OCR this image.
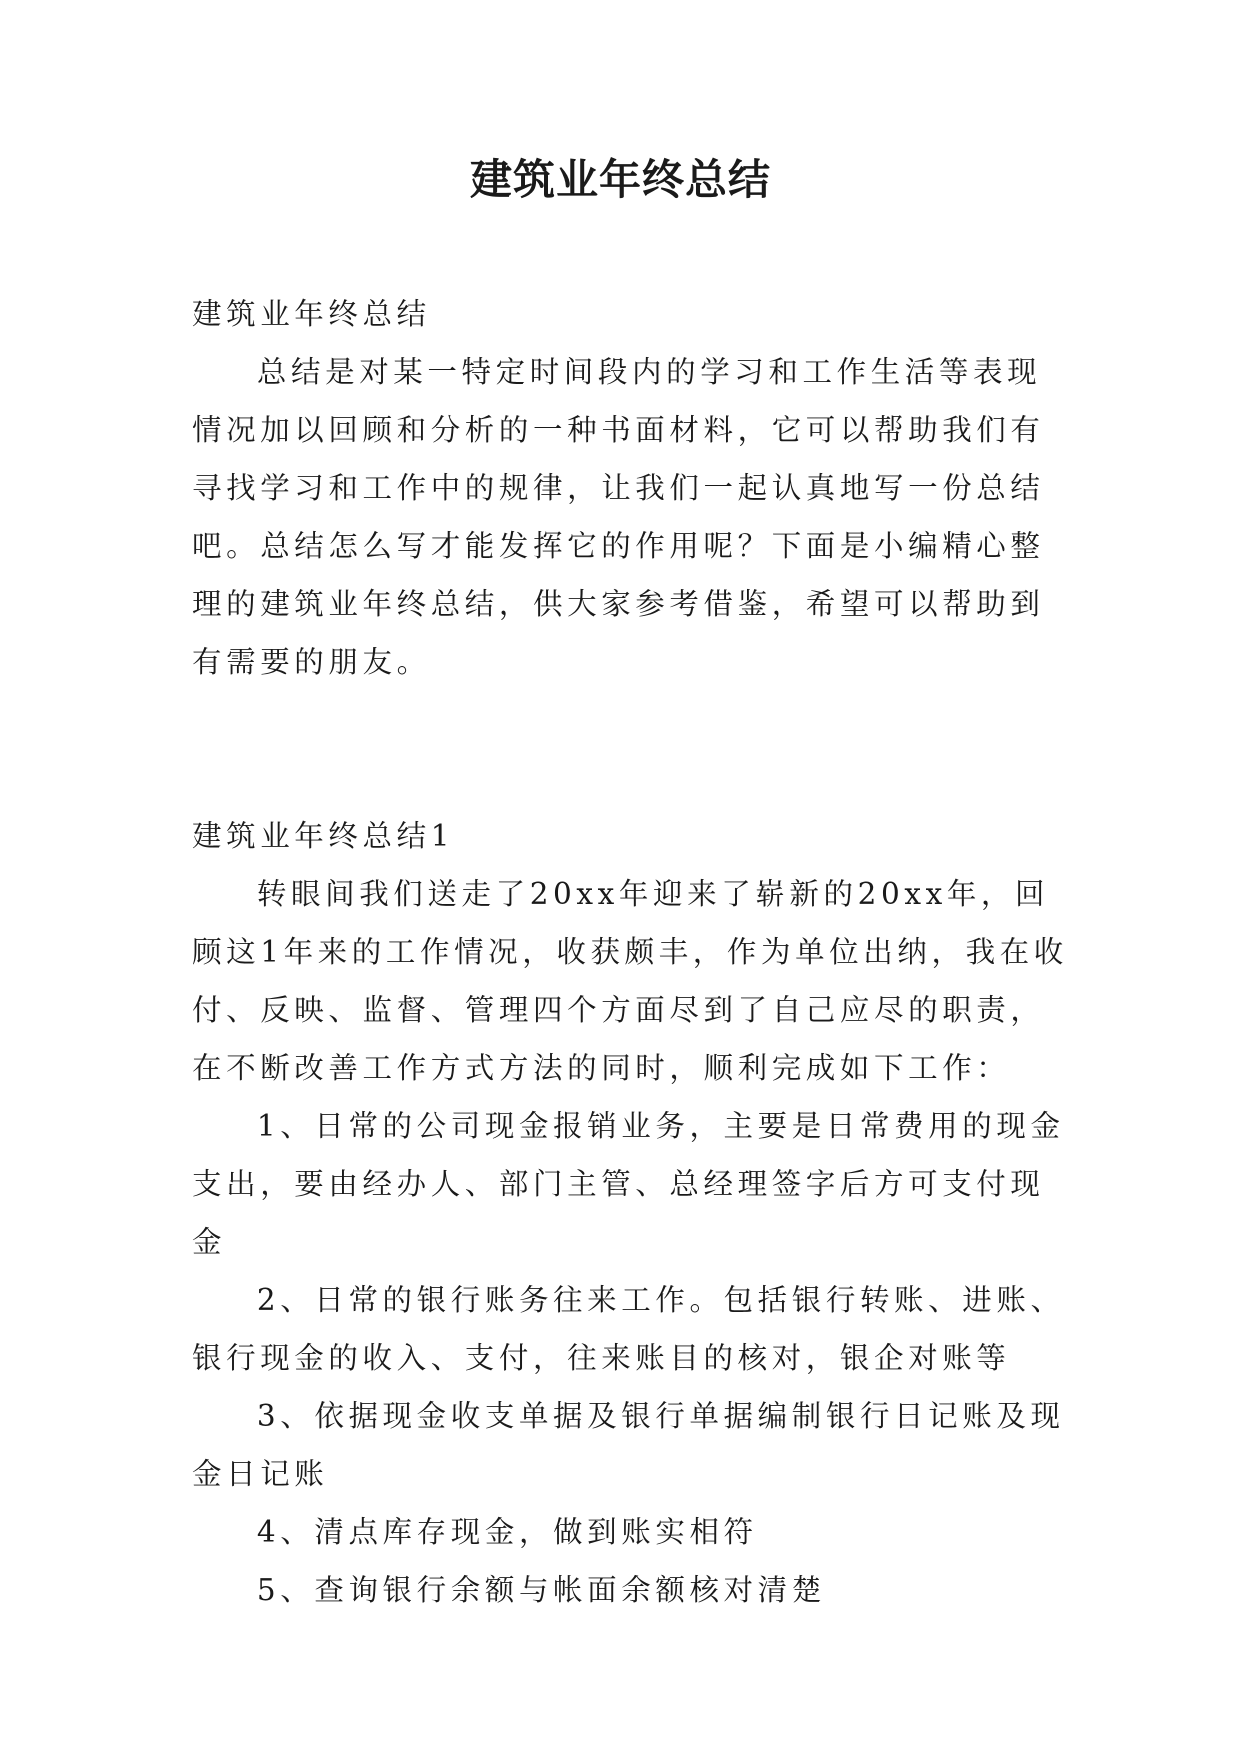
建筑业年终总结

建筑业年终总结

总结是对某一特定时间段内的学习和工作生活等表现情况加以回顾和分析的一种书面材料，它可以帮助我们有寻找学习和工作中的规律，让我们一起认真地写一份总结吧。总结怎么写才能发挥它的作用呢？下面是小编精心整理的建筑业年终总结，供大家参考借鉴，希望可以帮助到有需要的朋友。

建筑业年终总结1

转眼间我们送走了20xx年迎来了崭新的20xx年，回顾这1年来的工作情况，收获颇丰，作为单位出纳，我在收付、反映、监督、管理四个方面尽到了自己应尽的职责，在不断改善工作方式方法的同时，顺利完成如下工作：

1、日常的公司现金报销业务，主要是日常费用的现金支出，要由经办人、部门主管、总经理签字后方可支付现金

2、日常的银行账务往来工作。包括银行转账、进账、银行现金的收入、支付，往来账目的核对，银企对账等

3、依据现金收支单据及银行单据编制银行日记账及现金日记账

4、清点库存现金，做到账实相符

5、查询银行余额与帐面余额核对清楚
